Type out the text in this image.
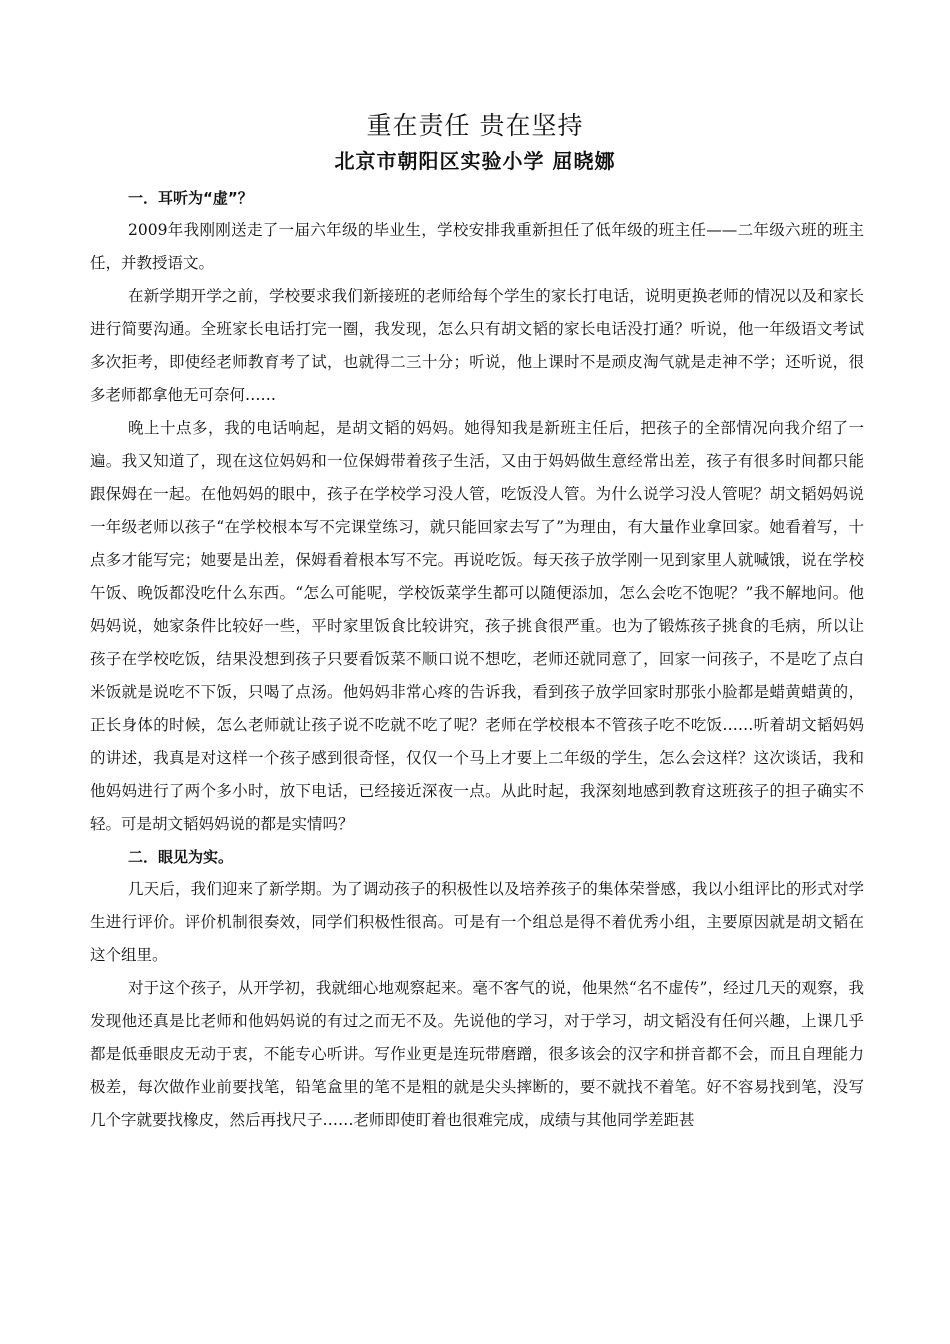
重在责任 贵在坚持
北京市朝阳区实验小学 屈晓娜

一．耳听为“虚”？

2009年我刚刚送走了一届六年级的毕业生，学校安排我重新担任了低年级的班主任——二年级六班的班主任，并教授语文。

在新学期开学之前，学校要求我们新接班的老师给每个学生的家长打电话，说明更换老师的情况以及和家长进行简要沟通。全班家长电话打完一圈，我发现，怎么只有胡文韬的家长电话没打通？听说，他一年级语文考试多次拒考，即使经老师教育考了试，也就得二三十分；听说，他上课时不是顽皮淘气就是走神不学；还听说，很多老师都拿他无可奈何……

晚上十点多，我的电话响起，是胡文韬的妈妈。她得知我是新班主任后，把孩子的全部情况向我介绍了一遍。我又知道了，现在这位妈妈和一位保姆带着孩子生活，又由于妈妈做生意经常出差，孩子有很多时间都只能跟保姆在一起。在他妈妈的眼中，孩子在学校学习没人管，吃饭没人管。为什么说学习没人管呢？胡文韬妈妈说一年级老师以孩子“在学校根本写不完课堂练习，就只能回家去写了”为理由，有大量作业拿回家。她看着写，十点多才能写完；她要是出差，保姆看着根本写不完。再说吃饭。每天孩子放学刚一见到家里人就喊饿，说在学校午饭、晚饭都没吃什么东西。“怎么可能呢，学校饭菜学生都可以随便添加，怎么会吃不饱呢？”我不解地问。他妈妈说，她家条件比较好一些，平时家里饭食比较讲究，孩子挑食很严重。也为了锻炼孩子挑食的毛病，所以让孩子在学校吃饭，结果没想到孩子只要看饭菜不顺口说不想吃，老师还就同意了，回家一问孩子，不是吃了点白米饭就是说吃不下饭，只喝了点汤。他妈妈非常心疼的告诉我，看到孩子放学回家时那张小脸都是蜡黄蜡黄的，正长身体的时候，怎么老师就让孩子说不吃就不吃了呢？老师在学校根本不管孩子吃不吃饭……听着胡文韬妈妈的讲述，我真是对这样一个孩子感到很奇怪，仅仅一个马上才要上二年级的学生，怎么会这样？这次谈话，我和他妈妈进行了两个多小时，放下电话，已经接近深夜一点。从此时起，我深刻地感到教育这班孩子的担子确实不轻。可是胡文韬妈妈说的都是实情吗？

二．眼见为实。

几天后，我们迎来了新学期。为了调动孩子的积极性以及培养孩子的集体荣誉感，我以小组评比的形式对学生进行评价。评价机制很奏效，同学们积极性很高。可是有一个组总是得不着优秀小组，主要原因就是胡文韬在这个组里。

对于这个孩子，从开学初，我就细心地观察起来。毫不客气的说，他果然“名不虚传”，经过几天的观察，我发现他还真是比老师和他妈妈说的有过之而无不及。先说他的学习，对于学习，胡文韬没有任何兴趣，上课几乎都是低垂眼皮无动于衷，不能专心听讲。写作业更是连玩带磨蹭，很多该会的汉字和拼音都不会，而且自理能力极差，每次做作业前要找笔，铅笔盒里的笔不是粗的就是尖头摔断的，要不就找不着笔。好不容易找到笔，没写几个字就要找橡皮，然后再找尺子……老师即使盯着也很难完成，成绩与其他同学差距甚
